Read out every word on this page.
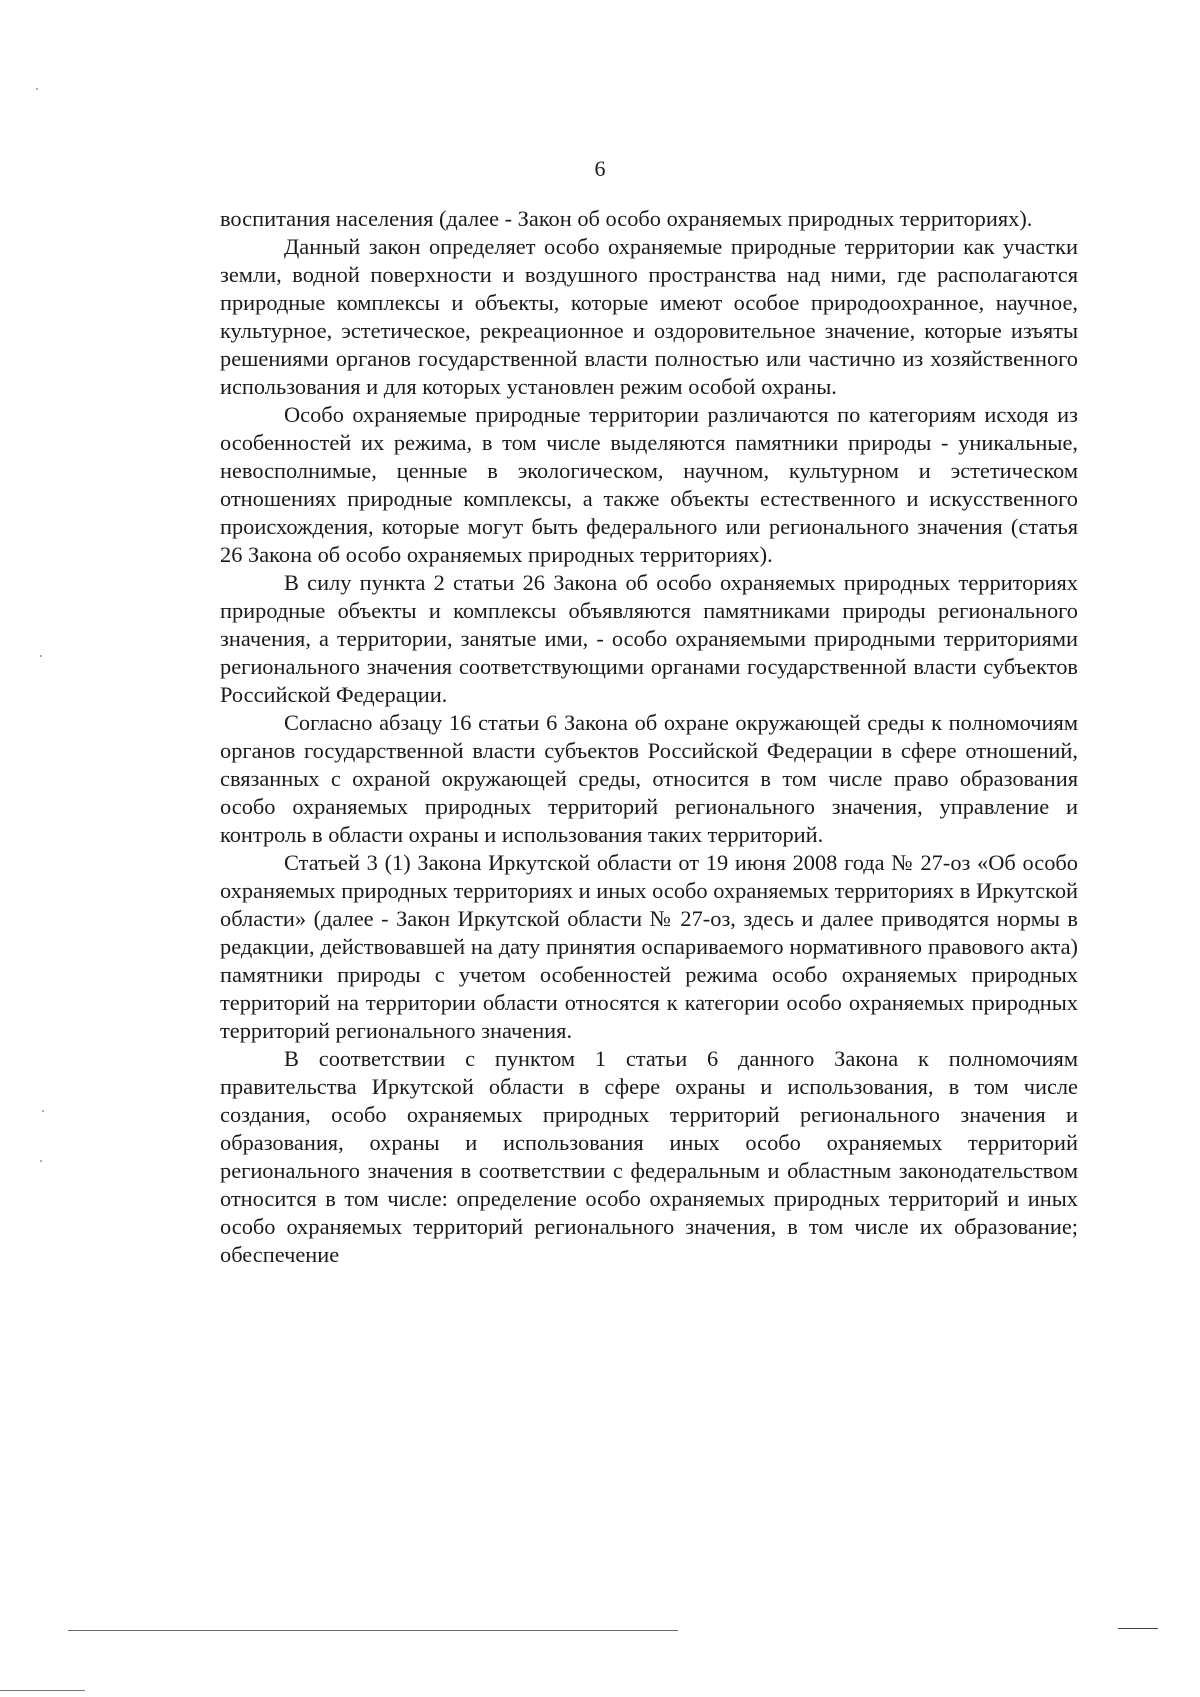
6

воспитания населения (далее - Закон об особо охраняемых природных территориях).

Данный закон определяет особо охраняемые природные территории как участки земли, водной поверхности и воздушного пространства над ними, где располагаются природные комплексы и объекты, которые имеют особое природоохранное, научное, культурное, эстетическое, рекреационное и оздоровительное значение, которые изъяты решениями органов государственной власти полностью или частично из хозяйственного использования и для которых установлен режим особой охраны.

Особо охраняемые природные территории различаются по категориям исходя из особенностей их режима, в том числе выделяются памятники природы - уникальные, невосполнимые, ценные в экологическом, научном, культурном и эстетическом отношениях природные комплексы, а также объекты естественного и искусственного происхождения, которые могут быть федерального или регионального значения (статья 26 Закона об особо охраняемых природных территориях).

В силу пункта 2 статьи 26 Закона об особо охраняемых природных территориях природные объекты и комплексы объявляются памятниками природы регионального значения, а территории, занятые ими, - особо охраняемыми природными территориями регионального значения соответствующими органами государственной власти субъектов Российской Федерации.

Согласно абзацу 16 статьи 6 Закона об охране окружающей среды к полномочиям органов государственной власти субъектов Российской Федерации в сфере отношений, связанных с охраной окружающей среды, относится в том числе право образования особо охраняемых природных территорий регионального значения, управление и контроль в области охраны и использования таких территорий.

Статьей 3 (1) Закона Иркутской области от 19 июня 2008 года № 27-оз «Об особо охраняемых природных территориях и иных особо охраняемых территориях в Иркутской области» (далее - Закон Иркутской области № 27-оз, здесь и далее приводятся нормы в редакции, действовавшей на дату принятия оспариваемого нормативного правового акта) памятники природы с учетом особенностей режима особо охраняемых природных территорий на территории области относятся к категории особо охраняемых природных территорий регионального значения.

В соответствии с пунктом 1 статьи 6 данного Закона к полномочиям правительства Иркутской области в сфере охраны и использования, в том числе создания, особо охраняемых природных территорий регионального значения и образования, охраны и использования иных особо охраняемых территорий регионального значения в соответствии с федеральным и областным законодательством относится в том числе: определение особо охраняемых природных территорий и иных особо охраняемых территорий регионального значения, в том числе их образование; обеспечение
